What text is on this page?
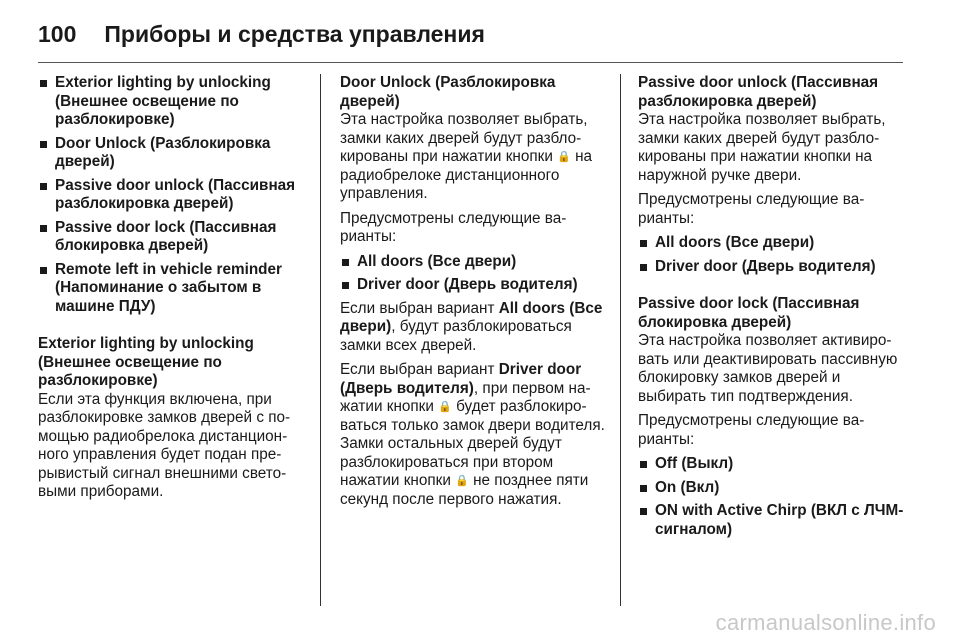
100 Приборы и средства управления
Exterior lighting by unlocking (Внешнее освещение по разблокировке)
Door Unlock (Разблокировка дверей)
Passive door unlock (Пассивная разблокировка дверей)
Passive door lock (Пассивная блокировка дверей)
Remote left in vehicle reminder (Напоминание о забытом в машине ПДУ)
Exterior lighting by unlocking (Внешнее освещение по разблокировке)

Если эта функция включена, при разблокировке замков дверей с помощью радиобрелока дистанционного управления будет подан прерывистый сигнал внешними световыми приборами.

Door Unlock (Разблокировка дверей)

Эта настройка позволяет выбрать, замки каких дверей будут разблокированы при нажатии кнопки 🔒 на радиобрелоке дистанционного управления.

Предусмотрены следующие варианты:

All doors (Все двери)
Driver door (Дверь водителя)

Если выбран вариант All doors (Все двери), будут разблокироваться замки всех дверей.

Если выбран вариант Driver door (Дверь водителя), при первом нажатии кнопки 🔒 будет разблокироваться только замок двери водителя. Замки остальных дверей будут разблокироваться при втором нажатии кнопки 🔒 не позднее пяти секунд после первого нажатия.

Passive door unlock (Пассивная разблокировка дверей)

Эта настройка позволяет выбрать, замки каких дверей будут разблокированы при нажатии кнопки на наружной ручке двери.

Предусмотрены следующие варианты:

All doors (Все двери)
Driver door (Дверь водителя)
Passive door lock (Пассивная блокировка дверей)

Эта настройка позволяет активировать или деактивировать пассивную блокировку замков дверей и выбирать тип подтверждения.

Предусмотрены следующие варианты:

Off (Выкл)
On (Вкл)
ON with Active Chirp (ВКЛ с ЛЧМ-сигналом)
carmanualsonline.info
